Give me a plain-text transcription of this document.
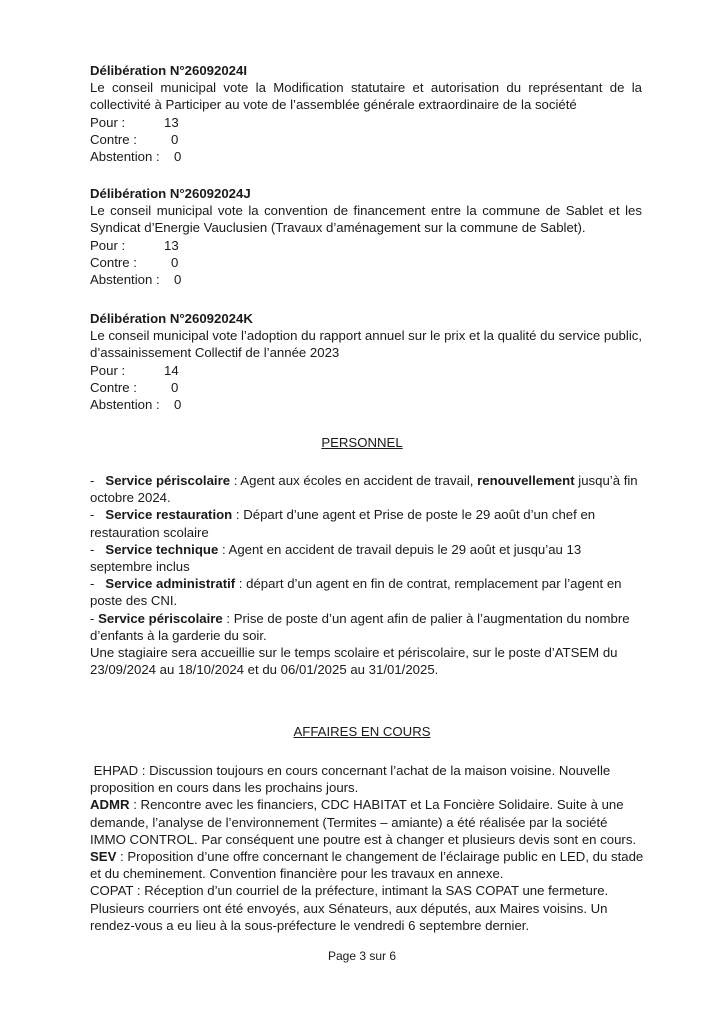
Délibération N°26092024I
Le conseil municipal vote la Modification statutaire et autorisation du représentant de la
collectivité à Participer au vote de l’assemblée générale extraordinaire de la société
Pour :	13
Contre :	0
Abstention : 0
Délibération N°26092024J
Le conseil municipal vote la convention de financement entre la commune de Sablet et les
Syndicat d’Energie Vauclusien (Travaux d’aménagement sur la commune de Sablet).
Pour :	13
Contre :	0
Abstention : 0
Délibération N°26092024K
Le conseil municipal vote l’adoption du rapport annuel sur le prix et la qualité du service public,
d’assainissement Collectif de l’année 2023
Pour :	14
Contre :	0
Abstention : 0
PERSONNEL
- Service périscolaire : Agent aux écoles en accident de travail, renouvellement jusqu’à fin
octobre 2024.
- Service restauration : Départ d’une agent et Prise de poste le 29 août d’un chef en
restauration scolaire
- Service technique : Agent en accident de travail depuis le 29 août et jusqu’au 13
septembre inclus
- Service administratif : départ d’un agent en fin de contrat, remplacement par l’agent en
poste des CNI.
- Service périscolaire : Prise de poste d’un agent afin de palier à l’augmentation du nombre
d’enfants à la garderie du soir.
Une stagiaire sera accueillie sur le temps scolaire et périscolaire, sur le poste d’ATSEM du
23/09/2024 au 18/10/2024 et du 06/01/2025 au 31/01/2025.
AFFAIRES EN COURS
EHPAD : Discussion toujours en cours concernant l’achat de la maison voisine. Nouvelle
proposition en cours dans les prochains jours.
ADMR : Rencontre avec les financiers, CDC HABITAT et La Foncière Solidaire. Suite à une
demande, l’analyse de l’environnement (Termites – amiante) a été réalisée par la société
IMMO CONTROL. Par conséquent une poutre est à changer et plusieurs devis sont en cours.
SEV : Proposition d’une offre concernant le changement de l’éclairage public en LED, du stade
et du cheminement. Convention financière pour les travaux en annexe.
COPAT : Réception d’un courriel de la préfecture, intimant la SAS COPAT une fermeture.
Plusieurs courriers ont été envoyés, aux Sénateurs, aux députés, aux Maires voisins. Un
rendez-vous a eu lieu à la sous-préfecture le vendredi 6 septembre dernier.
Page 3 sur 6
